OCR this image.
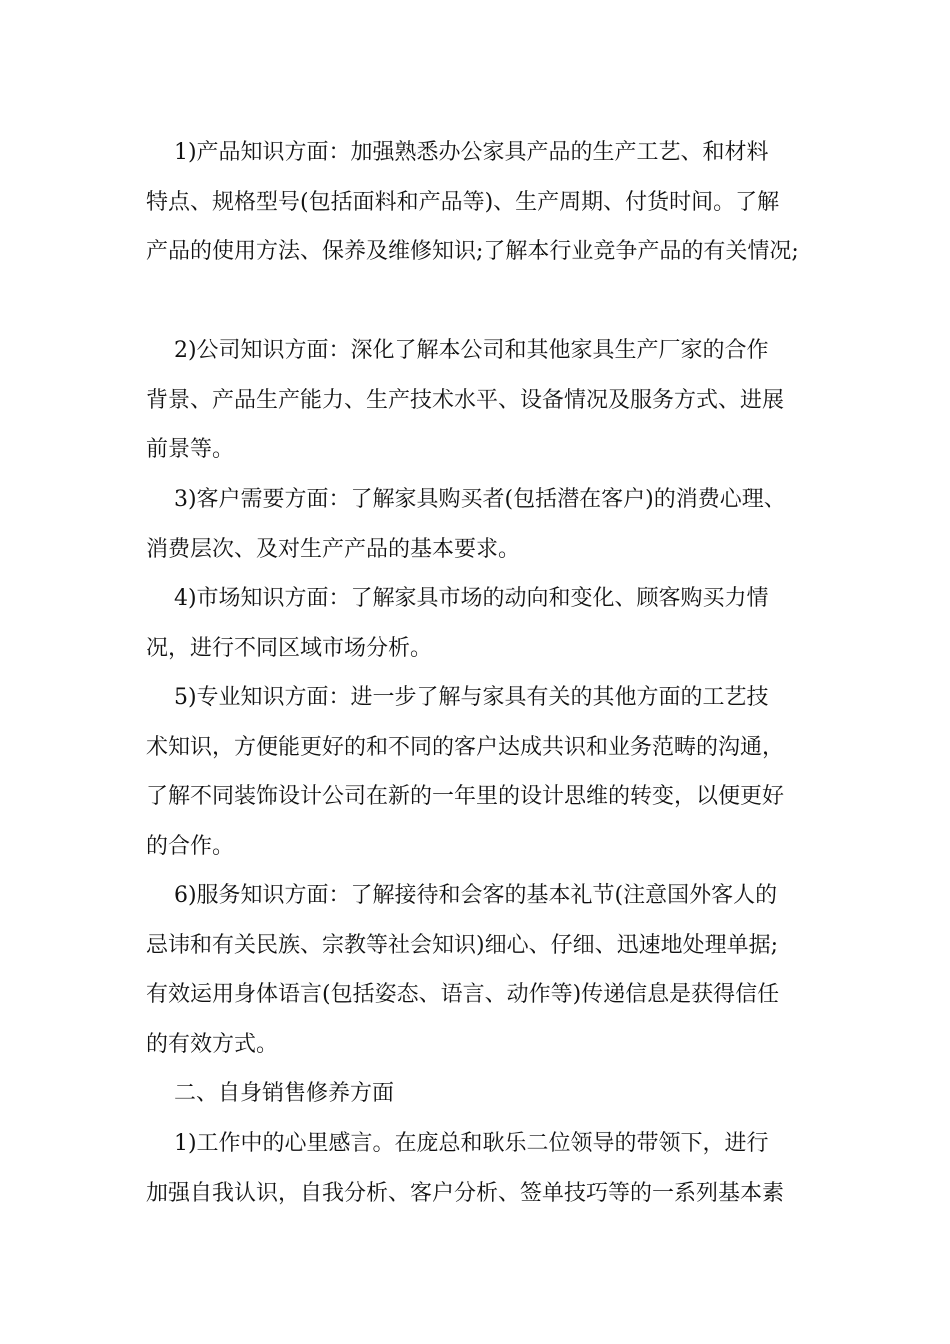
1)产品知识方面：加强熟悉办公家具产品的生产工艺、和材料
特点、规格型号(包括面料和产品等)、生产周期、付货时间。了解
产品的使用方法、保养及维修知识;了解本行业竞争产品的有关情况;

2)公司知识方面：深化了解本公司和其他家具生产厂家的合作
背景、产品生产能力、生产技术水平、设备情况及服务方式、进展
前景等。

3)客户需要方面：了解家具购买者(包括潜在客户)的消费心理、
消费层次、及对生产产品的基本要求。

4)市场知识方面：了解家具市场的动向和变化、顾客购买力情
况，进行不同区域市场分析。

5)专业知识方面：进一步了解与家具有关的其他方面的工艺技
术知识，方便能更好的和不同的客户达成共识和业务范畴的沟通，
了解不同装饰设计公司在新的一年里的设计思维的转变，以便更好
的合作。

6)服务知识方面：了解接待和会客的基本礼节(注意国外客人的
忌讳和有关民族、宗教等社会知识)细心、仔细、迅速地处理单据;
有效运用身体语言(包括姿态、语言、动作等)传递信息是获得信任
的有效方式。

二、自身销售修养方面

1)工作中的心里感言。在庞总和耿乐二位领导的带领下，进行
加强自我认识，自我分析、客户分析、签单技巧等的一系列基本素
